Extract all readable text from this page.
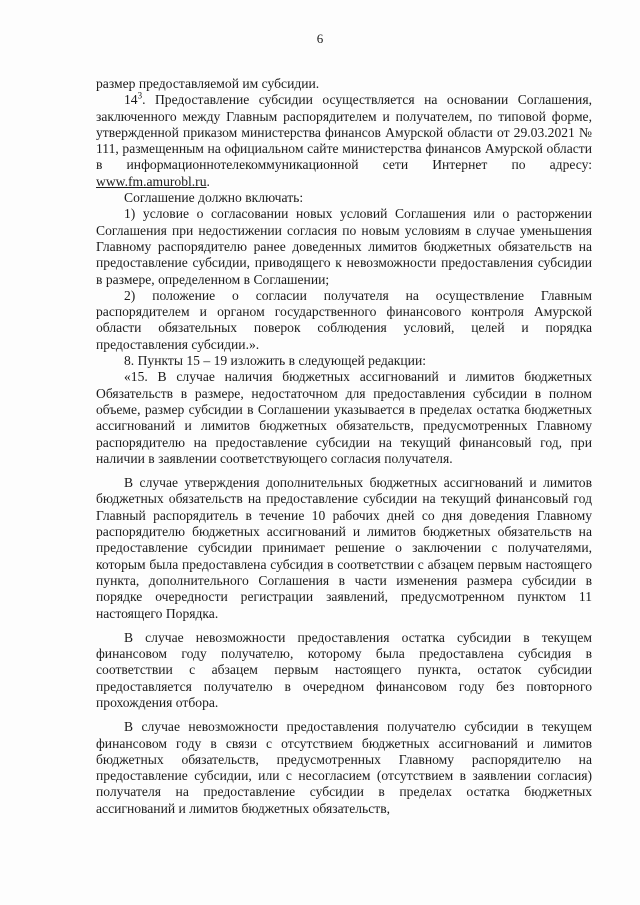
6

размер предоставляемой им субсидии.

$14^3$. Предоставление субсидии осуществляется на основании Соглашения, заключенного между Главным распорядителем и получателем, по типовой форме, утвержденной приказом министерства финансов Амурской области от 29.03.2021 № 111, размещенным на официальном сайте министерства финансов Амурской области в информационнотелекоммуникационной сети Интернет по адресу: www.fm.amurobl.ru.

Соглашение должно включать:

1) условие о согласовании новых условий Соглашения или о расторжении Соглашения при недостижении согласия по новым условиям в случае уменьшения Главному распорядителю ранее доведенных лимитов бюджетных обязательств на предоставление субсидии, приводящего к невозможности предоставления субсидии в размере, определенном в Соглашении;

2) положение о согласии получателя на осуществление Главным распорядителем и органом государственного финансового контроля Амурской области обязательных поверок соблюдения условий, целей и порядка предоставления субсидии.».

8. Пункты 15 – 19 изложить в следующей редакции:

«15. В случае наличия бюджетных ассигнований и лимитов бюджетных Обязательств в размере, недостаточном для предоставления субсидии в полном объеме, размер субсидии в Соглашении указывается в пределах остатка бюджетных ассигнований и лимитов бюджетных обязательств, предусмотренных Главному распорядителю на предоставление субсидии на текущий финансовый год, при наличии в заявлении соответствующего согласия получателя.

В случае утверждения дополнительных бюджетных ассигнований и лимитов бюджетных обязательств на предоставление субсидии на текущий финансовый год Главный распорядитель в течение 10 рабочих дней со дня доведения Главному распорядителю бюджетных ассигнований и лимитов бюджетных обязательств на предоставление субсидии принимает решение о заключении с получателями, которым была предоставлена субсидия в соответствии с абзацем первым настоящего пункта, дополнительного Соглашения в части изменения размера субсидии в порядке очередности регистрации заявлений, предусмотренном пунктом 11 настоящего Порядка.

В случае невозможности предоставления остатка субсидии в текущем финансовом году получателю, которому была предоставлена субсидия в соответствии с абзацем первым настоящего пункта, остаток субсидии предоставляется получателю в очередном финансовом году без повторного прохождения отбора.

В случае невозможности предоставления получателю субсидии в текущем финансовом году в связи с отсутствием бюджетных ассигнований и лимитов бюджетных обязательств, предусмотренных Главному распорядителю на предоставление субсидии, или с несогласием (отсутствием в заявлении согласия) получателя на предоставление субсидии в пределах остатка бюджетных ассигнований и лимитов бюджетных обязательств,
